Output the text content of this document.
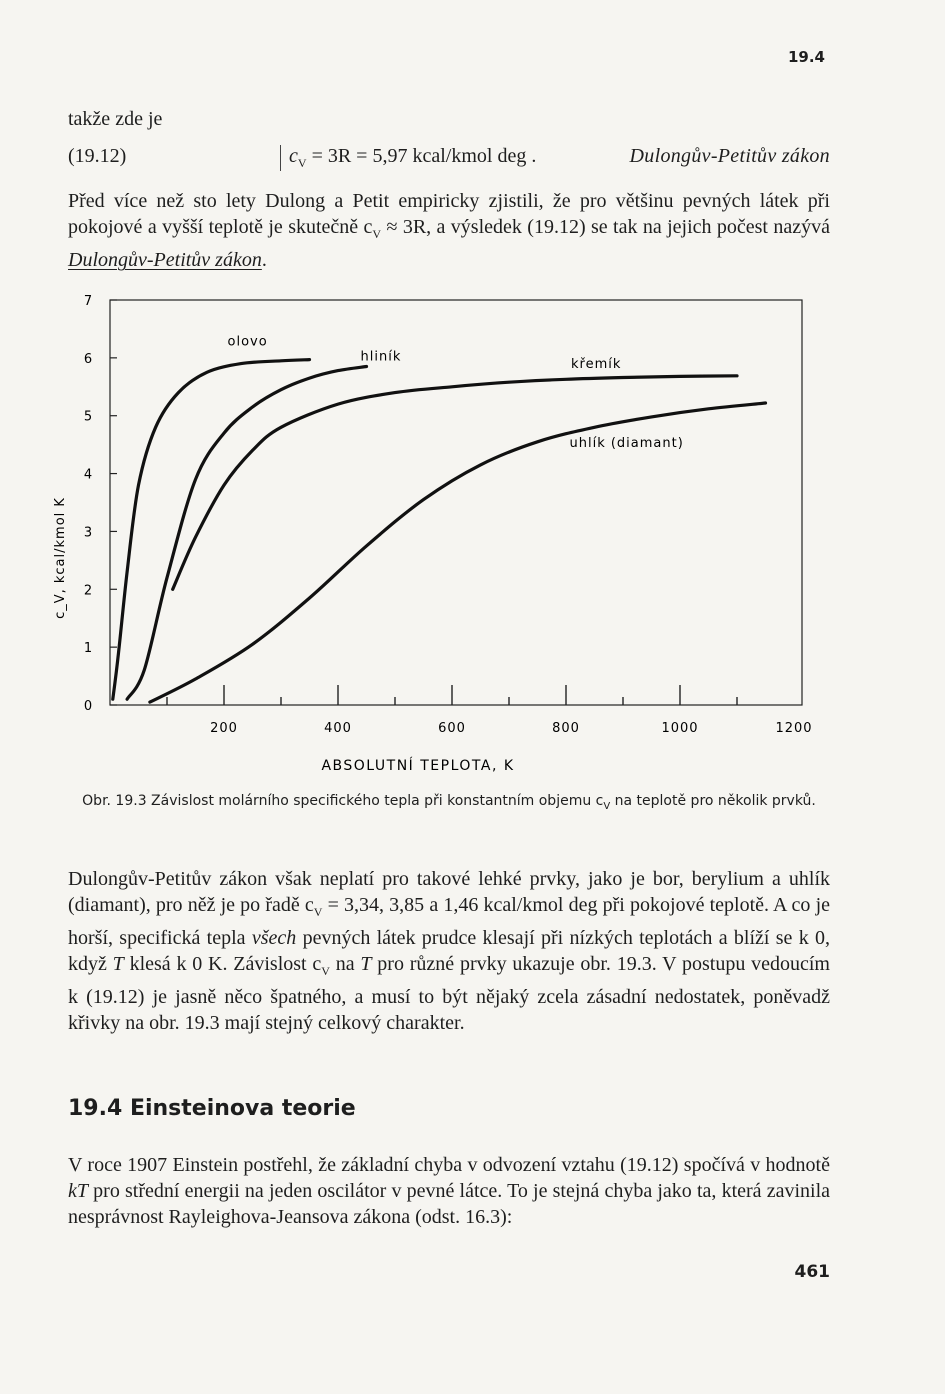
19.4
takže zde je
(19.12)	$c_V = 3R = 5,97$ kcal/kmol deg .	Dulongův-Petitův zákon
Před více než sto lety Dulong a Petit empiricky zjistili, že pro většinu pevných látek při pokojové a vyšší teplotě je skutečně $c_V \approx 3R$, a výsledek (19.12) se tak na jejich počest nazývá Dulongův-Petitův zákon.
0
1
2
3
4
5
6
7
200	400	600	800	1000	1200
olovo
hliník	křemík
uhlík (diamant)
ABSOLUTNÍ TEPLOTA, K
c_V, kcal/kmol K
Obr. 19.3 Závislost molárního specifického tepla při konstantním objemu $c_V$ na teplotě pro několik prvků.
Dulongův-Petitův zákon však neplatí pro takové lehké prvky, jako je bor, berylium a uhlík (diamant), pro něž je po řadě $c_V = 3,34$, 3,85 a 1,46 kcal/kmol deg při pokojové teplotě. A co je horší, specifická tepla všech pevných látek prudce klesají při nízkých teplotách a blíží se k 0, když T klesá k 0 K. Závislost $c_V$ na T pro různé prvky ukazuje obr. 19.3. V postupu vedoucím k (19.12) je jasně něco špatného, a musí to být nějaký zcela zásadní nedostatek, poněvadž křivky na obr. 19.3 mají stejný celkový charakter.
19.4 Einsteinova teorie
V roce 1907 Einstein postřehl, že základní chyba v odvození vztahu (19.12) spočívá v hodnotě kT pro střední energii na jeden oscilátor v pevné látce. To je stejná chyba jako ta, která zavinila nesprávnost Rayleighova-Jeansova zákona (odst. 16.3):
461
